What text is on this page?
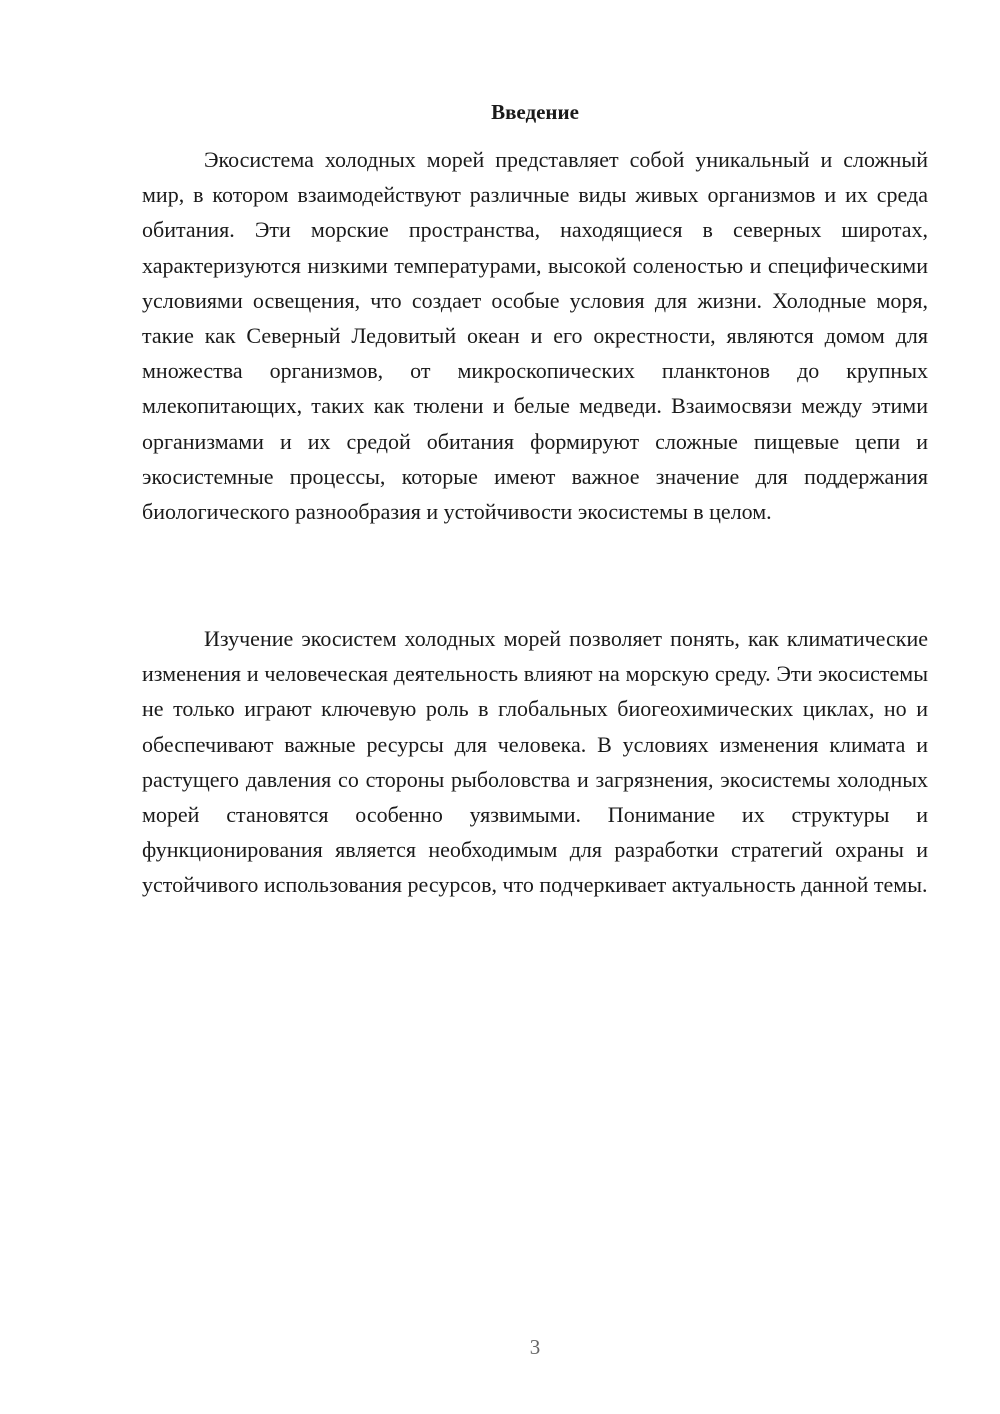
Введение

Экосистема холодных морей представляет собой уникальный и сложный мир, в котором взаимодействуют различные виды живых организмов и их среда обитания. Эти морские пространства, находящиеся в северных широтах, характеризуются низкими температурами, высокой соленостью и специфическими условиями освещения, что создает особые условия для жизни. Холодные моря, такие как Северный Ледовитый океан и его окрестности, являются домом для множества организмов, от микроскопических планктонов до крупных млекопитающих, таких как тюлени и белые медведи. Взаимосвязи между этими организмами и их средой обитания формируют сложные пищевые цепи и экосистемные процессы, которые имеют важное значение для поддержания биологического разнообразия и устойчивости экосистемы в целом.

Изучение экосистем холодных морей позволяет понять, как климатические изменения и человеческая деятельность влияют на морскую среду. Эти экосистемы не только играют ключевую роль в глобальных биогеохимических циклах, но и обеспечивают важные ресурсы для человека. В условиях изменения климата и растущего давления со стороны рыболовства и загрязнения, экосистемы холодных морей становятся особенно уязвимыми. Понимание их структуры и функционирования является необходимым для разработки стратегий охраны и устойчивого использования ресурсов, что подчеркивает актуальность данной темы.

3
